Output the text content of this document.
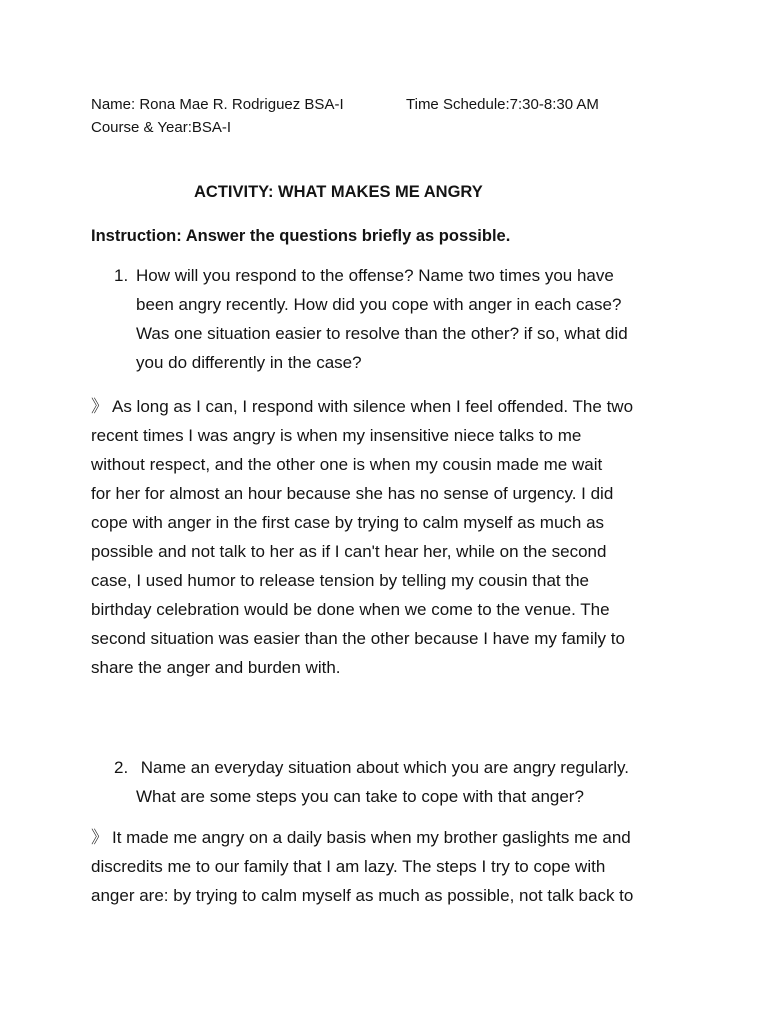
Name: Rona Mae R. Rodriguez BSA-I	Time Schedule:7:30-8:30 AM
Course & Year:BSA-I
ACTIVITY: WHAT MAKES ME ANGRY
Instruction: Answer the questions briefly as possible.
1. How will you respond to the offense? Name two times you have
been angry recently. How did you cope with anger in each case?
Was one situation easier to resolve than the other? if so, what did
you do differently in the case?
》 As long as I can, I respond with silence when I feel offended. The two
recent times I was angry is when my insensitive niece talks to me
without respect, and the other one is when my cousin made me wait
for her for almost an hour because she has no sense of urgency. I did
cope with anger in the first case by trying to calm myself as much as
possible and not talk to her as if I can't hear her, while on the second
case, I used humor to release tension by telling my cousin that the
birthday celebration would be done when we come to the venue. The
second situation was easier than the other because I have my family to
share the anger and burden with.
2. Name an everyday situation about which you are angry regularly.
What are some steps you can take to cope with that anger?
》 It made me angry on a daily basis when my brother gaslights me and
discredits me to our family that I am lazy. The steps I try to cope with
anger are: by trying to calm myself as much as possible, not talk back to
